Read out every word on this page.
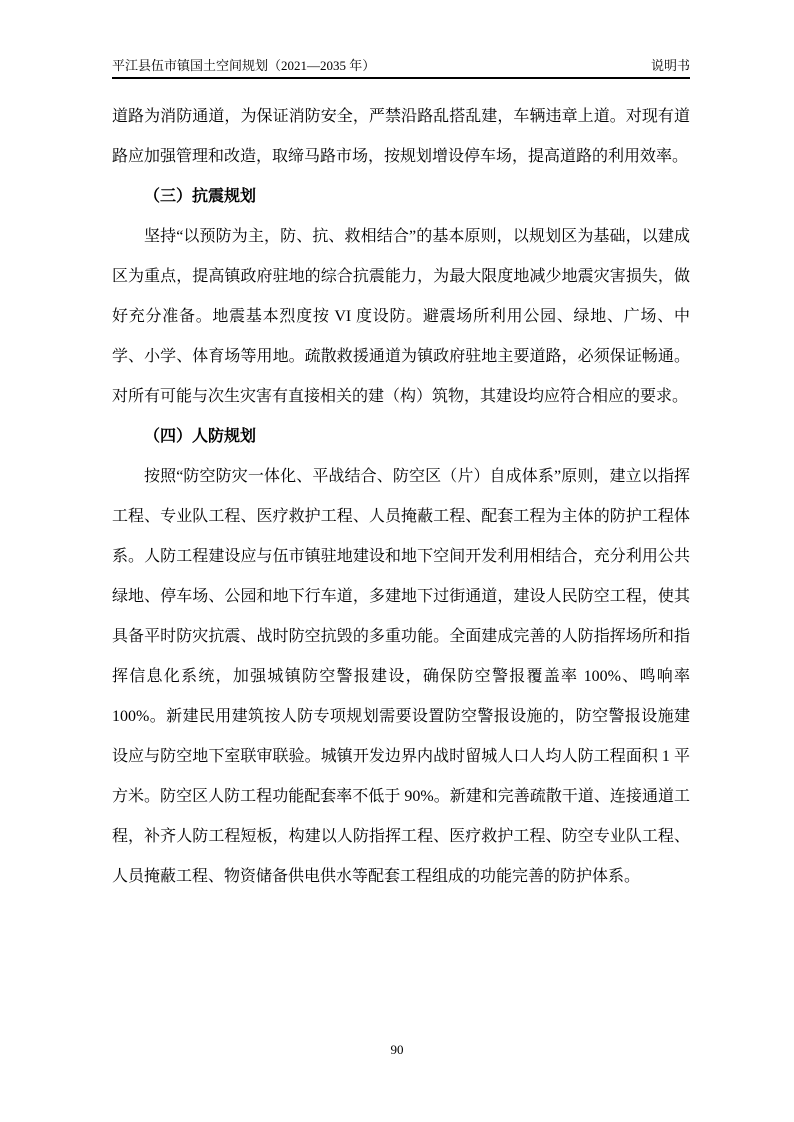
平江县伍市镇国土空间规划（2021—2035 年）	说明书

道路为消防通道，为保证消防安全，严禁沿路乱搭乱建，车辆违章上道。对现有道路应加强管理和改造，取缔马路市场，按规划增设停车场，提高道路的利用效率。

（三）抗震规划

坚持“以预防为主，防、抗、救相结合”的基本原则，以规划区为基础，以建成区为重点，提高镇政府驻地的综合抗震能力，为最大限度地减少地震灾害损失，做好充分准备。地震基本烈度按 VI 度设防。避震场所利用公园、绿地、广场、中学、小学、体育场等用地。疏散救援通道为镇政府驻地主要道路，必须保证畅通。对所有可能与次生灾害有直接相关的建（构）筑物，其建设均应符合相应的要求。

（四）人防规划

按照“防空防灾一体化、平战结合、防空区（片）自成体系”原则，建立以指挥工程、专业队工程、医疗救护工程、人员掩蔽工程、配套工程为主体的防护工程体系。人防工程建设应与伍市镇驻地建设和地下空间开发利用相结合，充分利用公共绿地、停车场、公园和地下行车道，多建地下过街通道，建设人民防空工程，使其具备平时防灾抗震、战时防空抗毁的多重功能。全面建成完善的人防指挥场所和指挥信息化系统，加强城镇防空警报建设，确保防空警报覆盖率 100%、鸣响率 100%。新建民用建筑按人防专项规划需要设置防空警报设施的，防空警报设施建设应与防空地下室联审联验。城镇开发边界内战时留城人口人均人防工程面积 1 平方米。防空区人防工程功能配套率不低于 90%。新建和完善疏散干道、连接通道工程，补齐人防工程短板，构建以人防指挥工程、医疗救护工程、防空专业队工程、人员掩蔽工程、物资储备供电供水等配套工程组成的功能完善的防护体系。

90
